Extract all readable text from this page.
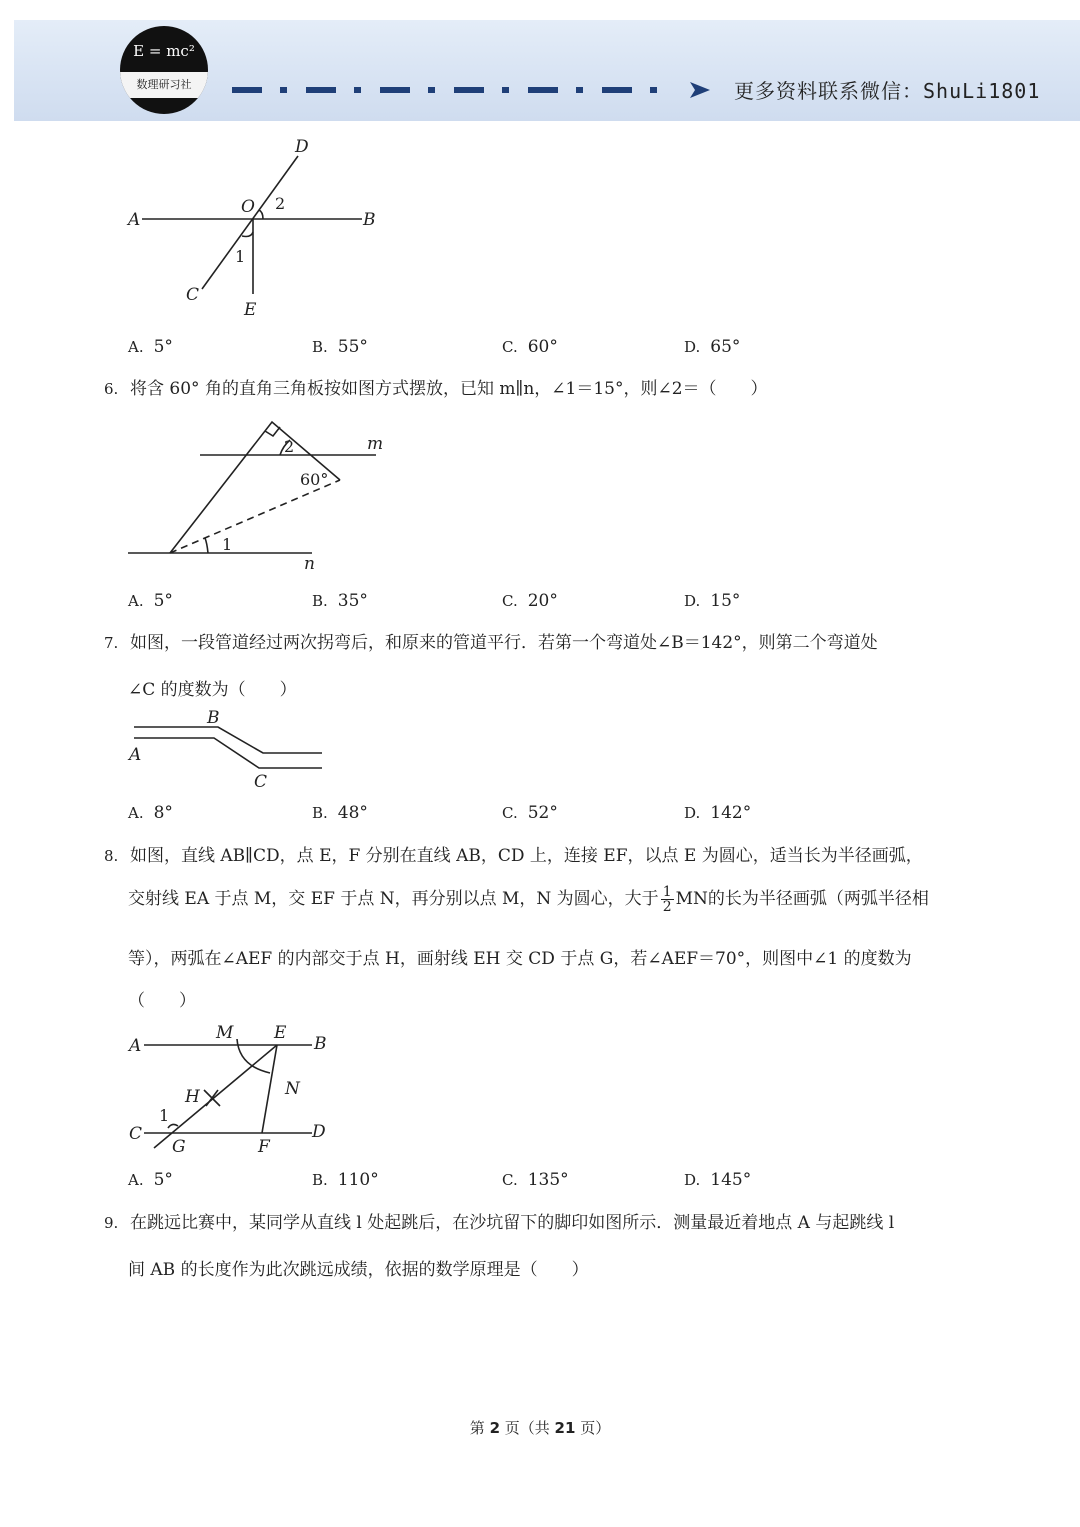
E = mc²
数理研习社	更多资料联系微信：ShuLi1801
D
A
O 2
B
1
C
E
A. 5°	B. 55°	C. 60°	D. 65°
6. 将含 60° 角的直角三角板按如图方式摆放，已知 m∥n，∠1＝15°，则∠2＝（　　）
m
2
60°
1
n
A. 5°	B. 35°	C. 20°	D. 15°
7. 如图，一段管道经过两次拐弯后，和原来的管道平行．若第一个弯道处∠B＝142°，则第二个弯道处
∠C 的度数为（　　）
B
A
C
A. 8°	B. 48°	C. 52°	D. 142°
8. 如图，直线 AB∥CD，点 E，F 分别在直线 AB，CD 上，连接 EF，以点 E 为圆心，适当长为半径画弧，
交射线 EA 于点 M，交 EF 于点 N，再分别以点 M，N 为圆心，大于 $\frac{1}{2}$ MN的长为半径画弧（两弧半径相
等），两弧在∠AEF 的内部交于点 H，画射线 EH 交 CD 于点 G，若∠AEF＝70°，则图中∠1 的度数为
（　　）
A
M E
B
N
H
1
C	D
G	F
A. 5°	B. 110°	C. 135°	D. 145°
9. 在跳远比赛中，某同学从直线 l 处起跳后，在沙坑留下的脚印如图所示．测量最近着地点 A 与起跳线 l
间 AB 的长度作为此次跳远成绩，依据的数学原理是（　　）
第 2 页（共 21 页）
